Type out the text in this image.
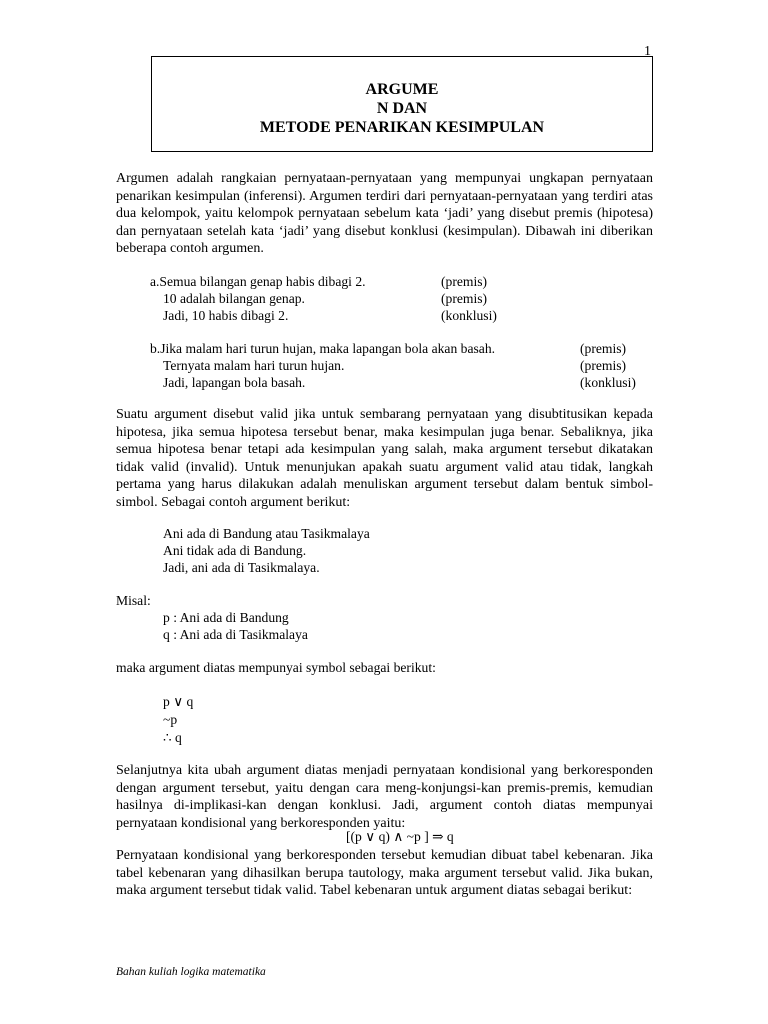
1
ARGUME
N DAN
METODE PENARIKAN KESIMPULAN

Argumen adalah rangkaian pernyataan-pernyataan yang mempunyai ungkapan pernyataan penarikan kesimpulan (inferensi). Argumen terdiri dari pernyataan-pernyataan yang terdiri atas dua kelompok, yaitu kelompok pernyataan sebelum kata ‘jadi’ yang disebut premis (hipotesa) dan pernyataan setelah kata ‘jadi’ yang disebut konklusi (kesimpulan). Dibawah ini diberikan beberapa contoh argumen.

a.Semua bilangan genap habis dibagi 2.	(premis)
10 adalah bilangan genap.	(premis)
Jadi, 10 habis dibagi 2.	(konklusi)
b.Jika malam hari turun hujan, maka lapangan bola akan basah.	(premis)
Ternyata malam hari turun hujan.	(premis)
Jadi, lapangan bola basah.	(konklusi)

Suatu argument disebut valid jika untuk sembarang pernyataan yang disubtitusikan kepada hipotesa, jika semua hipotesa tersebut benar, maka kesimpulan juga benar. Sebaliknya, jika semua hipotesa benar tetapi ada kesimpulan yang salah, maka argument tersebut dikatakan tidak valid (invalid). Untuk menunjukan apakah suatu argument valid atau tidak, langkah pertama yang harus dilakukan adalah menuliskan argument tersebut dalam bentuk simbol-simbol. Sebagai contoh argument berikut:

Ani ada di Bandung atau Tasikmalaya
Ani tidak ada di Bandung.
Jadi, ani ada di Tasikmalaya.
Misal:
p : Ani ada di Bandung
q : Ani ada di Tasikmalaya
maka argument diatas mempunyai symbol sebagai berikut:
p ∨ q
~p
∴ q

Selanjutnya kita ubah argument diatas menjadi pernyataan kondisional yang berkoresponden dengan argument tersebut, yaitu dengan cara meng-konjungsi-kan premis-premis, kemudian hasilnya di-implikasi-kan dengan konklusi. Jadi, argument contoh diatas mempunyai pernyataan kondisional yang berkoresponden yaitu:

[(p ∨ q) ∧ ~p ] ⇒ q

Pernyataan kondisional yang berkoresponden tersebut kemudian dibuat tabel kebenaran. Jika tabel kebenaran yang dihasilkan berupa tautology, maka argument tersebut valid. Jika bukan, maka argument tersebut tidak valid. Tabel kebenaran untuk argument diatas sebagai berikut:

Bahan kuliah logika matematika
